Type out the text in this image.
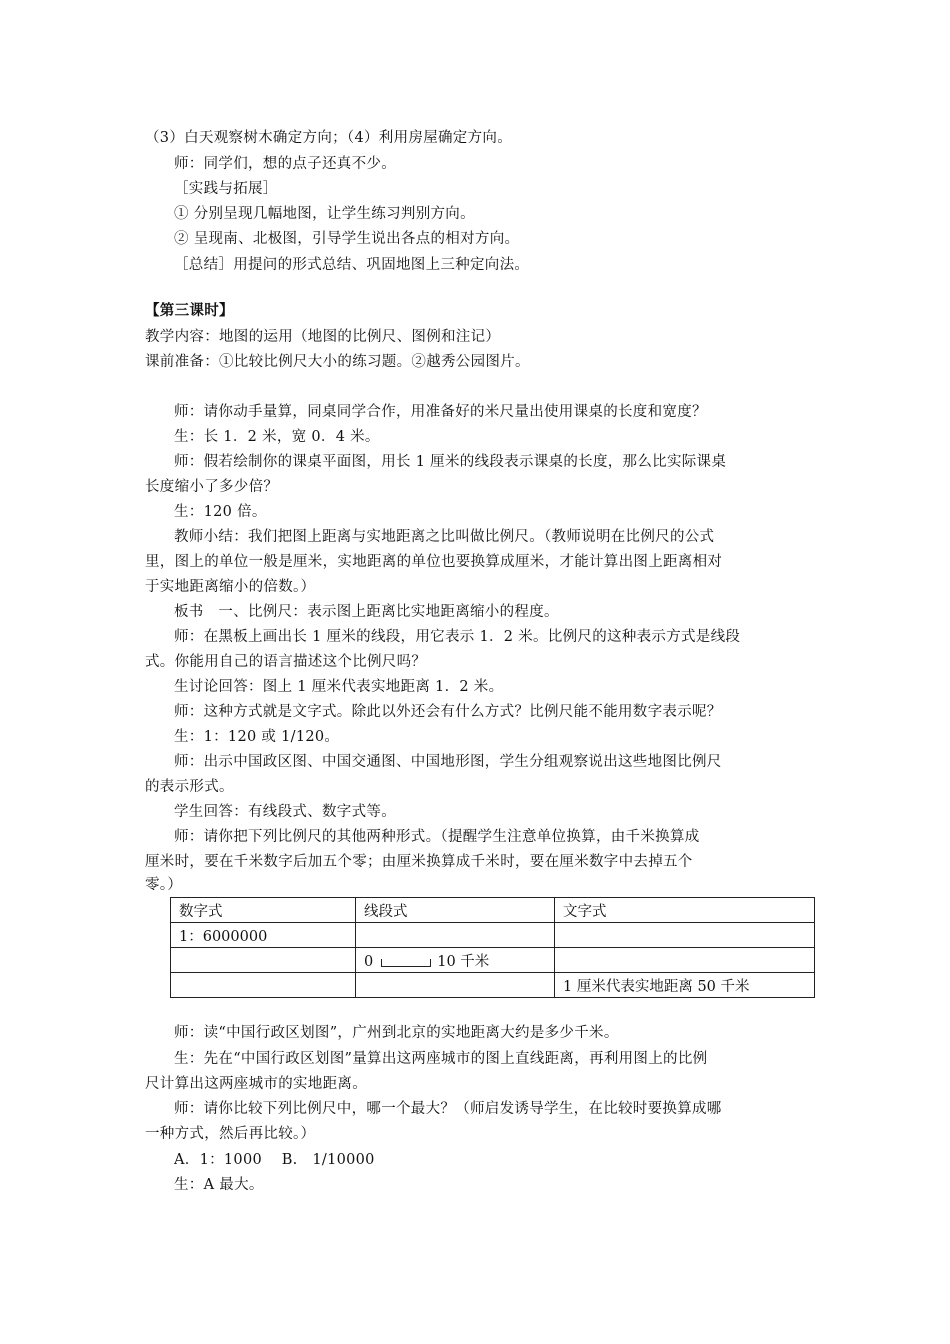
（3）白天观察树木确定方向；（4）利用房屋确定方向。
师：同学们，想的点子还真不少。
［实践与拓展］
① 分别呈现几幅地图，让学生练习判别方向。
② 呈现南、北极图，引导学生说出各点的相对方向。
［总结］用提问的形式总结、巩固地图上三种定向法。
【第三课时】
教学内容：地图的运用（地图的比例尺、图例和注记）
课前准备：①比较比例尺大小的练习题。②越秀公园图片。
师：请你动手量算，同桌同学合作，用准备好的米尺量出使用课桌的长度和宽度？
生：长 1．2 米，宽 0．4 米。
师：假若绘制你的课桌平面图，用长 1 厘米的线段表示课桌的长度，那么比实际课桌
长度缩小了多少倍？
生：120 倍。
教师小结：我们把图上距离与实地距离之比叫做比例尺。（教师说明在比例尺的公式
里，图上的单位一般是厘米，实地距离的单位也要换算成厘米，才能计算出图上距离相对
于实地距离缩小的倍数。）
板书　一、比例尺：表示图上距离比实地距离缩小的程度。
师：在黑板上画出长 1 厘米的线段，用它表示 1．2 米。比例尺的这种表示方式是线段
式。你能用自己的语言描述这个比例尺吗？
生讨论回答：图上 1 厘米代表实地距离 1．2 米。
师：这种方式就是文字式。除此以外还会有什么方式？比例尺能不能用数字表示呢？
生：1：120 或 1/120。
师：出示中国政区图、中国交通图、中国地形图，学生分组观察说出这些地图比例尺
的表示形式。
学生回答：有线段式、数字式等。
师：请你把下列比例尺的其他两种形式。（提醒学生注意单位换算，由千米换算成
厘米时，要在千米数字后加五个零；由厘米换算成千米时，要在厘米数字中去掉五个
零。）
数字式	线段式	文字式
1：6000000		
	0 10 千米	
		1 厘米代表实地距离 50 千米
师：读“中国行政区划图”，广州到北京的实地距离大约是多少千米。
生：先在“中国行政区划图”量算出这两座城市的图上直线距离，再利用图上的比例
尺计算出这两座城市的实地距离。
师：请你比较下列比例尺中，哪一个最大？（师启发诱导学生，在比较时要换算成哪
一种方式，然后再比较。）
A．1：1000　 B.　1/10000
生：A 最大。
